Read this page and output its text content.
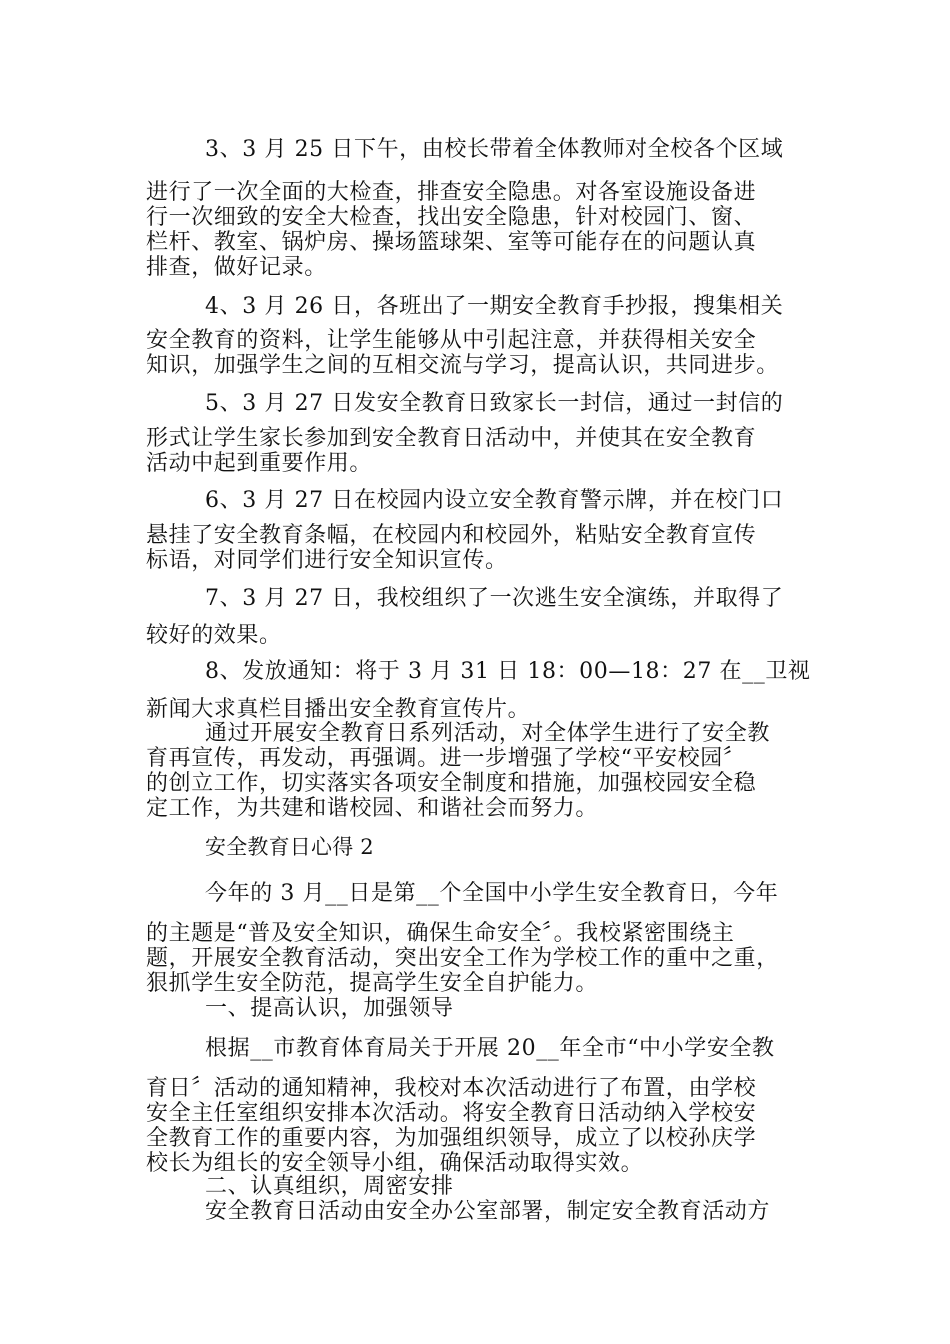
3、3 月 25 日下午，由校长带着全体教师对全校各个区域
进行了一次全面的大检查，排查安全隐患。对各室设施设备进
行一次细致的安全大检查，找出安全隐患，针对校园门、窗、
栏杆、教室、锅炉房、操场篮球架、室等可能存在的问题认真
排查，做好记录。
4、3 月 26 日，各班出了一期安全教育手抄报，搜集相关
安全教育的资料，让学生能够从中引起注意，并获得相关安全
知识，加强学生之间的互相交流与学习，提高认识，共同进步。
5、3 月 27 日发安全教育日致家长一封信，通过一封信的
形式让学生家长参加到安全教育日活动中，并使其在安全教育
活动中起到重要作用。
6、3 月 27 日在校园内设立安全教育警示牌，并在校门口
悬挂了安全教育条幅，在校园内和校园外，粘贴安全教育宣传
标语，对同学们进行安全知识宣传。
7、3 月 27 日，我校组织了一次逃生安全演练，并取得了
较好的效果。
8、发放通知：将于 3 月 31 日 18：00—18：27 在__卫视
新闻大求真栏目播出安全教育宣传片。
通过开展安全教育日系列活动，对全体学生进行了安全教
育再宣传，再发动，再强调。进一步增强了学校“平安校园〞
的创立工作，切实落实各项安全制度和措施，加强校园安全稳
定工作，为共建和谐校园、和谐社会而努力。
安全教育日心得 2
今年的 3 月__日是第__个全国中小学生安全教育日，今年
的主题是“普及安全知识，确保生命安全〞。我校紧密围绕主
题，开展安全教育活动，突出安全工作为学校工作的重中之重，
狠抓学生安全防范，提高学生安全自护能力。
一、提高认识，加强领导
根据__市教育体育局关于开展 20__年全市“中小学安全教
育日〞活动的通知精神，我校对本次活动进行了布置，由学校
安全主任室组织安排本次活动。将安全教育日活动纳入学校安
全教育工作的重要内容，为加强组织领导，成立了以校孙庆学
校长为组长的安全领导小组，确保活动取得实效。
二、认真组织，周密安排
安全教育日活动由安全办公室部署，制定安全教育活动方
